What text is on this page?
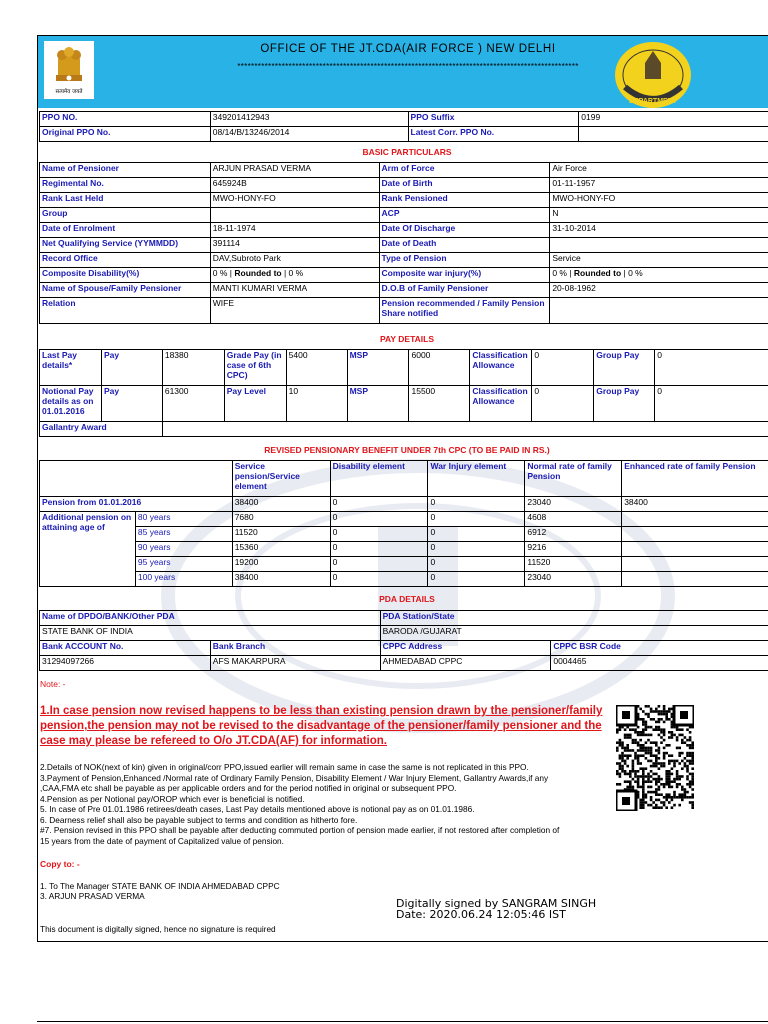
सत्यमेव जयते
OFFICE OF THE JT.CDA(AIR FORCE ) NEW DELHI
****************************************************************************************************
DEPARTMENT
PPO NO.	349201412943	PPO Suffix	0199
Original PPO No.	08/14/B/13246/2014	Latest Corr. PPO No.	
BASIC PARTICULARS
Name of Pensioner	ARJUN PRASAD VERMA	Arm of Force	Air Force
Regimental No.	645924B	Date of Birth	01-11-1957
Rank Last Held	MWO-HONY-FO	Rank Pensioned	MWO-HONY-FO
Group		ACP	N
Date of Enrolment	18-11-1974	Date Of Discharge	31-10-2014
Net Qualifying Service (YYMMDD)	391114	Date of Death	
Record Office	DAV,Subroto Park	Type of Pension	Service
Composite Disability(%)	0 % | Rounded to | 0 %	Composite war injury(%)	0 % | Rounded to | 0 %
Name of Spouse/Family Pensioner	MANTI KUMARI VERMA	D.O.B of Family Pensioner	20-08-1962
Relation	WIFE	Pension recommended / Family Pension Share notified	
PAY DETAILS
Last Pay details*	Pay	18380	Grade Pay (in case of 6th CPC)	5400	MSP	6000	Classification Allowance	0	Group Pay	0
Notional Pay details as on 01.01.2016	Pay	61300	Pay Level	10	MSP	15500	Classification Allowance	0	Group Pay	0
Gallantry Award										
REVISED PENSIONARY BENEFIT UNDER 7th CPC (TO BE PAID IN RS.)
		Service pension/Service element	Disability element	War Injury element	Normal rate of family Pension	Enhanced rate of family Pension
Pension from 01.01.2016		38400	0	0	23040	38400
Additional pension on attaining age of	80 years	7680	0	0	4608	
	85 years	11520	0	0	6912	
	90 years	15360	0	0	9216	
	95 years	19200	0	0	11520	
	100 years	38400	0	0	23040	
PDA DETAILS
Name of DPDO/BANK/Other PDA		PDA Station/State	
STATE BANK OF INDIA		BARODA /GUJARAT	
Bank ACCOUNT No.	Bank Branch	CPPC Address	CPPC BSR Code
31294097266	AFS MAKARPURA	AHMEDABAD CPPC	0004465
Note: -
1.In case pension now revised happens to be less than existing pension drawn by the pensioner/family pension,the pension may not be revised to the disadvantage of the pensioner/family pensioner and the case may please be refereed to O/o JT.CDA(AF) for information.
2.Details of NOK(next of kin) given in original/corr PPO,issued earlier will remain same in case the same is not replicated in this PPO.
3.Payment of Pension,Enhanced /Normal rate of Ordinary Family Pension, Disability Element / War Injury Element, Gallantry Awards,if any
,CAA,FMA etc shall be payable as per applicable orders and for the period notified in original or subsequent PPO.
4.Pension as per Notional pay/OROP which ever is beneficial is notified.
5. In case of Pre 01.01.1986 retirees/death cases, Last Pay details mentioned above is notional pay as on 01.01.1986.
6. Dearness relief shall also be payable subject to terms and condition as hitherto fore.
#7. Pension revised in this PPO shall be payable after deducting commuted portion of pension made earlier, if not restored after completion of
15 years from the date of payment of Capitalized value of pension.
Copy to: -
1. To The Manager STATE BANK OF INDIA AHMEDABAD CPPC
3. ARJUN PRASAD VERMA
Digitally signed by SANGRAM SINGH
Date: 2020.06.24 12:05:46 IST
This document is digitally signed, hence no signature is required
